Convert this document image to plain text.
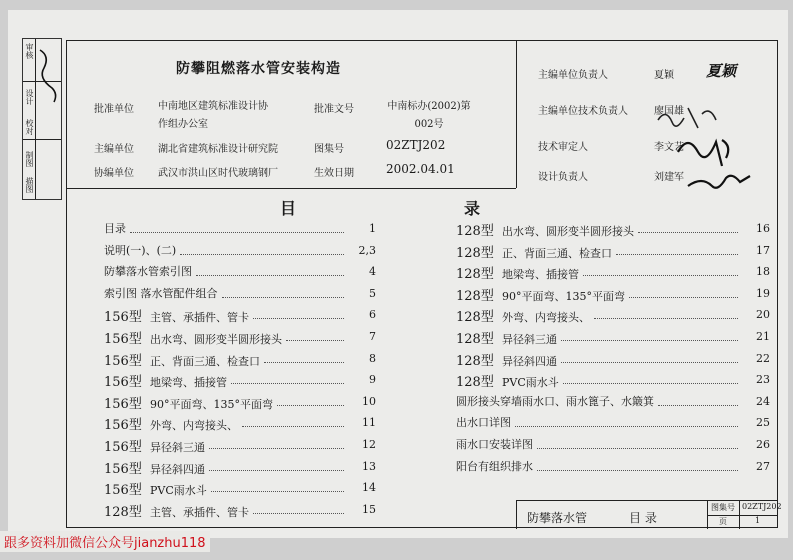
审核
设计
校对
制图
描图
防攀阻燃落水管安装构造
批准单位 中南地区建筑标准设计协作组办公室
批准文号	中南标办(2002)第002号
主编单位 湖北省建筑标准设计研究院	图集号	02ZTJ202
协编单位 武汉市洪山区时代玻璃钢厂	生效日期	2002.04.01
主编单位负责人	夏颖 夏颖
主编单位技术负责人	廖国雄
技术审定人	李文艺
设计负责人	刘建军
目	录
目录	1
说明(一)、(二)	2,3
防攀落水管索引图	4
索引图 落水管配件组合	5
156型 主管、承插件、管卡	6
156型 出水弯、圆形变半圆形接头	7
156型 正、背面三通、检查口	8
156型 地梁弯、插接管	9
156型 90°平面弯、135°平面弯	10
156型 外弯、内弯接头、	11
156型 异径斜三通	12
156型 异径斜四通	13
156型 PVC雨水斗	14
128型 主管、承插件、管卡	15
128型 出水弯、圆形变半圆形接头	16
128型 正、背面三通、检查口	17
128型 地梁弯、插接管	18
128型 90°平面弯、135°平面弯	19
128型 外弯、内弯接头、	20
128型 异径斜三通	21
128型 异径斜四通	22
128型 PVC雨水斗	23
圆形接头穿墙雨水口、雨水篦子、水簸箕	24
出水口详图	25
雨水口安装详图	26
阳台有组织排水	27
防攀落水管	目 录
图集号 02ZTJ202
页	1
跟多资料加微信公众号jianzhu118
